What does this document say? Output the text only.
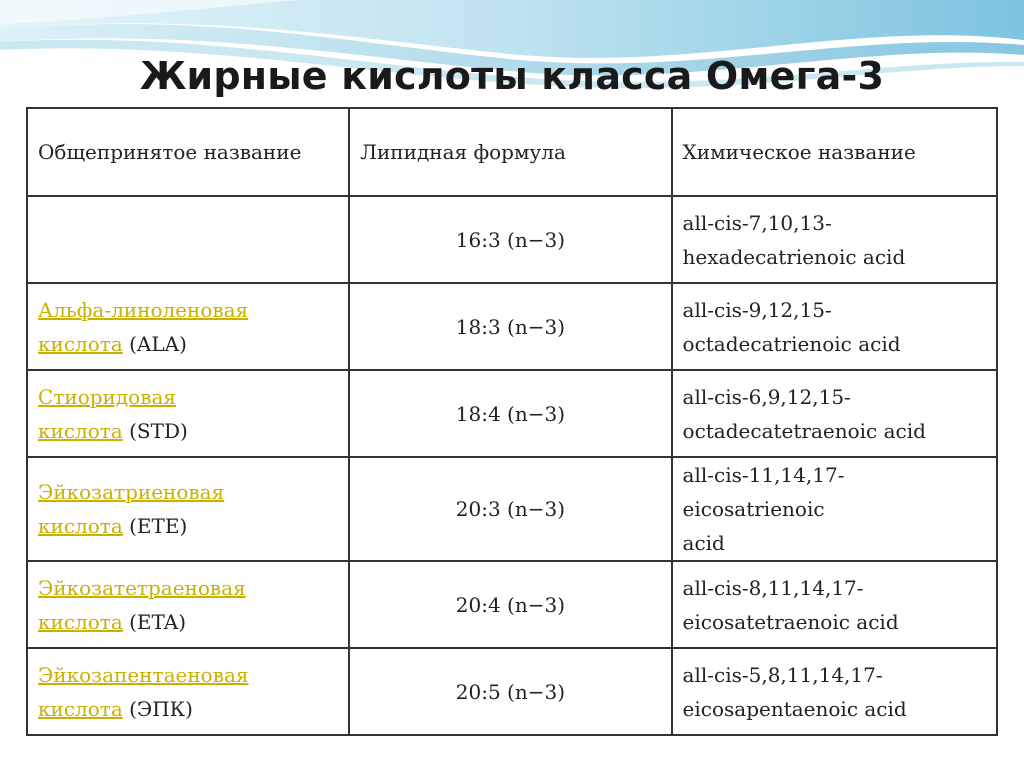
Жирные кислоты класса Омега-3
Общепринятое название	Липидная формула	Химическое название
	16:3 (n−3)	all-cis-7,10,13-
hexadecatrienoic acid

Альфа-линоленовая
кислота (ALA)	18:3 (n−3)	all-cis-9,12,15-
octadecatrienoic acid

Стиоридовая
кислота (STD)	18:4 (n−3)	all-cis-6,9,12,15-
octadecatetraenoic acid

Эйкозатриеновая
кислота (ETE)	20:3 (n−3)	all-cis-11,14,17-eicosatrienoic
acid

Эйкозатетраеновая
кислота (ETA)	20:4 (n−3)	all-cis-8,11,14,17-
eicosatetraenoic acid

Эйкозапентаеновая
кислота (ЭПК)	20:5 (n−3)	all-cis-5,8,11,14,17-
eicosapentaenoic acid
